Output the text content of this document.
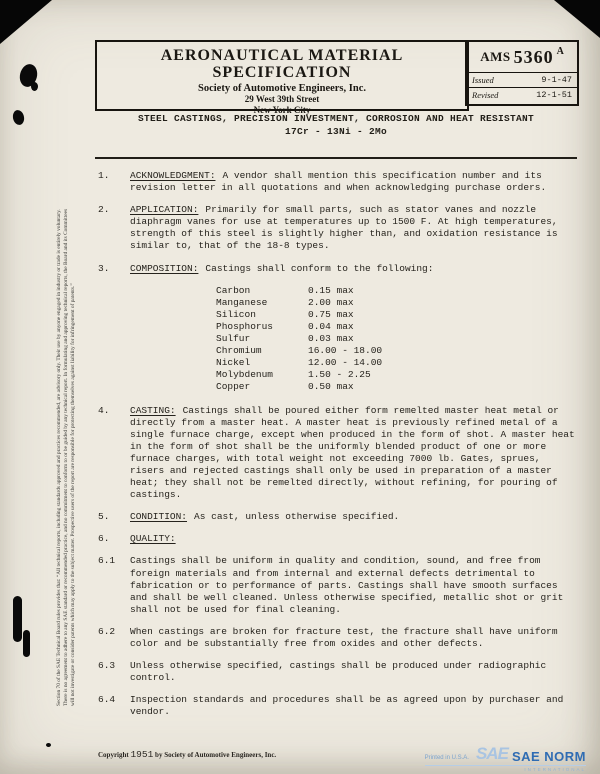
Section 70 of the SAE Technical Board rules provides that: “All technical reports, including standards approved and practices recommended, are advisory only. Their use by anyone engaged in industry or trade is entirely voluntary. There is no agreement to adhere to any SAE standard or recommended practice, and no commitment to conform to or be guided by any technical report. In formulating and approving technical reports, the Board and its Committees will not investigate or consider patents which may apply to the subject matter. Prospective users of the report are responsible for protecting themselves against liability for infringement of patents.”
AERONAUTICAL MATERIAL SPECIFICATION
Society of Automotive Engineers, Inc.
29 West 39th Street
New York City
AMS 5360 A
Issued	9-1-47
Revised	12-1-51
STEEL CASTINGS, PRECISION INVESTMENT, CORROSION AND HEAT RESISTANT
17Cr - 13Ni - 2Mo
1.	ACKNOWLEDGMENT: A vendor shall mention this specification number and its revision letter in all quotations and when acknowledging purchase orders.
2.	APPLICATION: Primarily for small parts, such as stator vanes and nozzle diaphragm vanes for use at temperatures up to 1500 F. At high temperatures, strength of this steel is slightly higher than, and oxidation resistance is similar to, that of the 18-8 types.
3.	COMPOSITION: Castings shall conform to the following:
Carbon	0.15 max
Manganese	2.00 max
Silicon	0.75 max
Phosphorus	0.04 max
Sulfur	0.03 max
Chromium	16.00 - 18.00
Nickel	12.00 - 14.00
Molybdenum	1.50 - 2.25
Copper	0.50 max
4.	CASTING: Castings shall be poured either form remelted master heat metal or directly from a master heat. A master heat is previously refined metal of a single furnace charge, except when produced in the form of shot. A master heat in the form of shot shall be the uniformly blended product of one or more furnace charges, with total weight not exceeding 7000 lb. Gates, sprues, risers and rejected castings shall only be used in preparation of a master heat; they shall not be remelted directly, without refining, for pouring of castings.
5.	CONDITION: As cast, unless otherwise specified.
6.	QUALITY:
6.1	Castings shall be uniform in quality and condition, sound, and free from foreign materials and from internal and external defects detrimental to fabrication or to performance of parts. Castings shall have smooth surfaces and shall be well cleaned. Unless otherwise specified, metallic shot or grit shall not be used for final cleaning.
6.2	When castings are broken for fracture test, the fracture shall have uniform color and be substantially free from oxides and other defects.
6.3	Unless otherwise specified, castings shall be produced under radiographic control.
6.4	Inspection standards and procedures shall be as agreed upon by purchaser and vendor.
Copyright 1951 by Society of Automotive Engineers, Inc.	Printed in U.S.A. SAE SAE NORM
INTERNATIONAL
